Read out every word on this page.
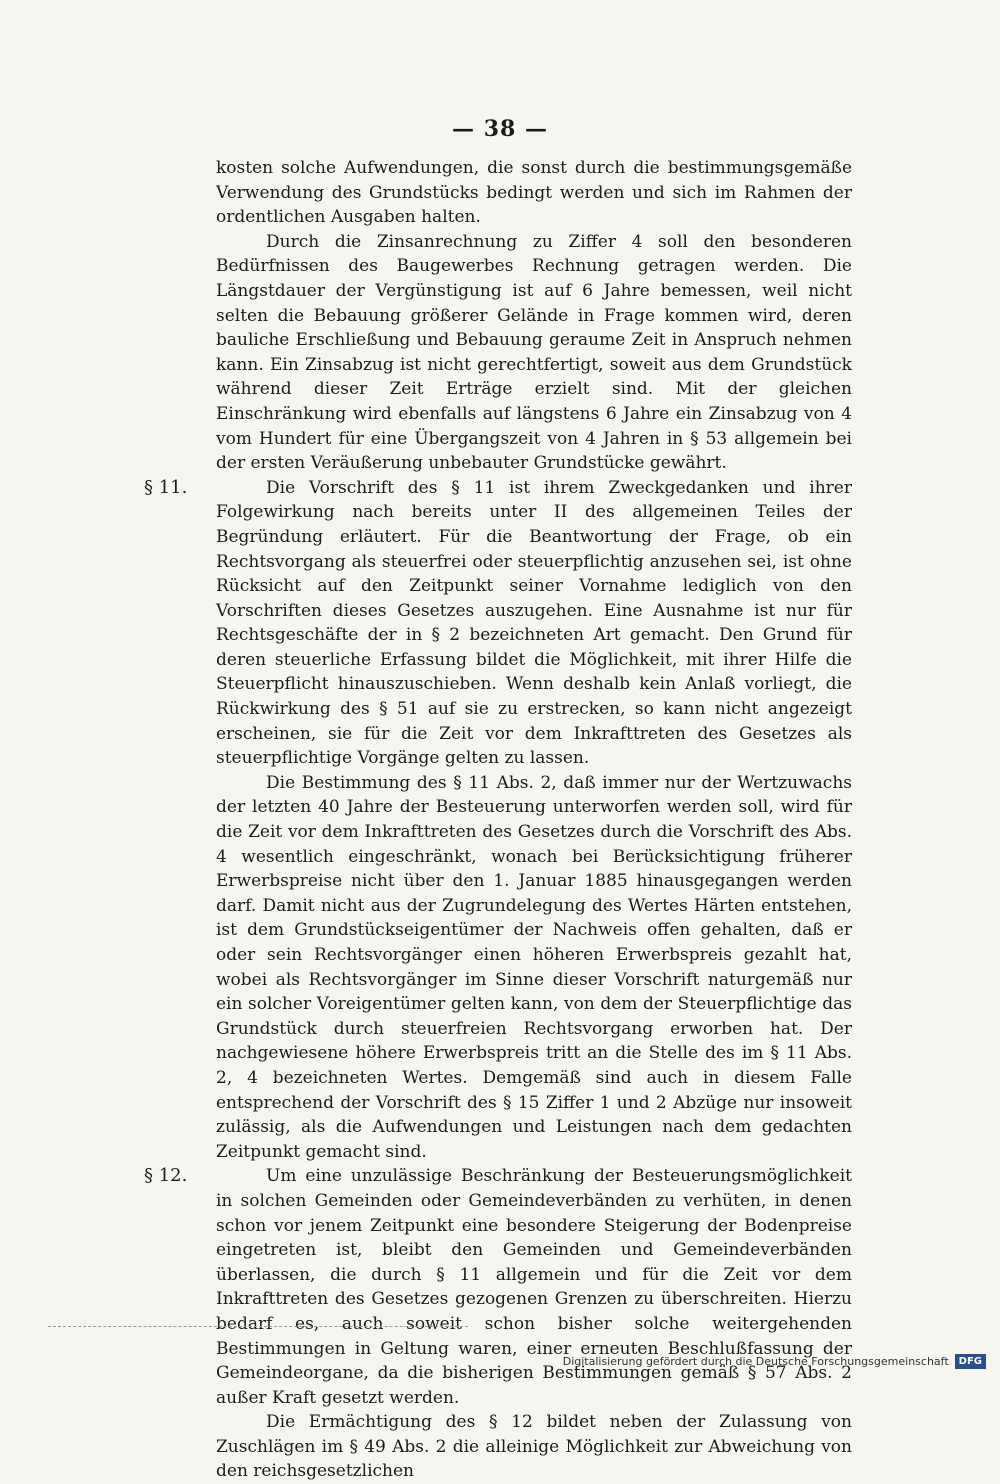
— 38 —

kosten solche Aufwendungen, die sonst durch die bestimmungsgemäße Verwendung des Grundstücks bedingt werden und sich im Rahmen der ordentlichen Ausgaben halten.

Durch die Zinsanrechnung zu Ziffer 4 soll den besonderen Bedürfnissen des Baugewerbes Rechnung getragen werden. Die Längstdauer der Vergünstigung ist auf 6 Jahre bemessen, weil nicht selten die Bebauung größerer Gelände in Frage kommen wird, deren bauliche Erschließung und Bebauung geraume Zeit in Anspruch nehmen kann. Ein Zinsabzug ist nicht gerechtfertigt, soweit aus dem Grundstück während dieser Zeit Erträge erzielt sind. Mit der gleichen Einschränkung wird ebenfalls auf längstens 6 Jahre ein Zinsabzug von 4 vom Hundert für eine Übergangszeit von 4 Jahren in § 53 allgemein bei der ersten Veräußerung unbebauter Grundstücke gewährt.

§ 11.	Die Vorschrift des § 11 ist ihrem Zweckgedanken und ihrer Folgewirkung nach bereits unter II des allgemeinen Teiles der Begründung erläutert. Für die Beantwortung der Frage, ob ein Rechtsvorgang als steuerfrei oder steuerpflichtig anzusehen sei, ist ohne Rücksicht auf den Zeitpunkt seiner Vornahme lediglich von den Vorschriften dieses Gesetzes auszugehen. Eine Ausnahme ist nur für Rechtsgeschäfte der in § 2 bezeichneten Art gemacht. Den Grund für deren steuerliche Erfassung bildet die Möglichkeit, mit ihrer Hilfe die Steuerpflicht hinauszuschieben. Wenn deshalb kein Anlaß vorliegt, die Rückwirkung des § 51 auf sie zu erstrecken, so kann nicht angezeigt erscheinen, sie für die Zeit vor dem Inkrafttreten des Gesetzes als steuerpflichtige Vorgänge gelten zu lassen.

Die Bestimmung des § 11 Abs. 2, daß immer nur der Wertzuwachs der letzten 40 Jahre der Besteuerung unterworfen werden soll, wird für die Zeit vor dem Inkrafttreten des Gesetzes durch die Vorschrift des Abs. 4 wesentlich eingeschränkt, wonach bei Berücksichtigung früherer Erwerbspreise nicht über den 1. Januar 1885 hinausgegangen werden darf. Damit nicht aus der Zugrundelegung des Wertes Härten entstehen, ist dem Grundstückseigentümer der Nachweis offen gehalten, daß er oder sein Rechtsvorgänger einen höheren Erwerbspreis gezahlt hat, wobei als Rechtsvorgänger im Sinne dieser Vorschrift naturgemäß nur ein solcher Voreigentümer gelten kann, von dem der Steuerpflichtige das Grundstück durch steuerfreien Rechtsvorgang erworben hat. Der nachgewiesene höhere Erwerbspreis tritt an die Stelle des im § 11 Abs. 2, 4 bezeichneten Wertes. Demgemäß sind auch in diesem Falle entsprechend der Vorschrift des § 15 Ziffer 1 und 2 Abzüge nur insoweit zulässig, als die Aufwendungen und Leistungen nach dem gedachten Zeitpunkt gemacht sind.

§ 12.	Um eine unzulässige Beschränkung der Besteuerungsmöglichkeit in solchen Gemeinden oder Gemeindeverbänden zu verhüten, in denen schon vor jenem Zeitpunkt eine besondere Steigerung der Bodenpreise eingetreten ist, bleibt den Gemeinden und Gemeindeverbänden überlassen, die durch § 11 allgemein und für die Zeit vor dem Inkrafttreten des Gesetzes gezogenen Grenzen zu überschreiten. Hierzu bedarf es, auch soweit schon bisher solche weitergehenden Bestimmungen in Geltung waren, einer erneuten Beschlußfassung der Gemeindeorgane, da die bisherigen Bestimmungen gemäß § 57 Abs. 2 außer Kraft gesetzt werden.

Die Ermächtigung des § 12 bildet neben der Zulassung von Zuschlägen im § 49 Abs. 2 die alleinige Möglichkeit zur Abweichung von den reichsgesetzlichen

Digitalisierung gefördert durch die Deutsche Forschungsgemeinschaft	DFG
